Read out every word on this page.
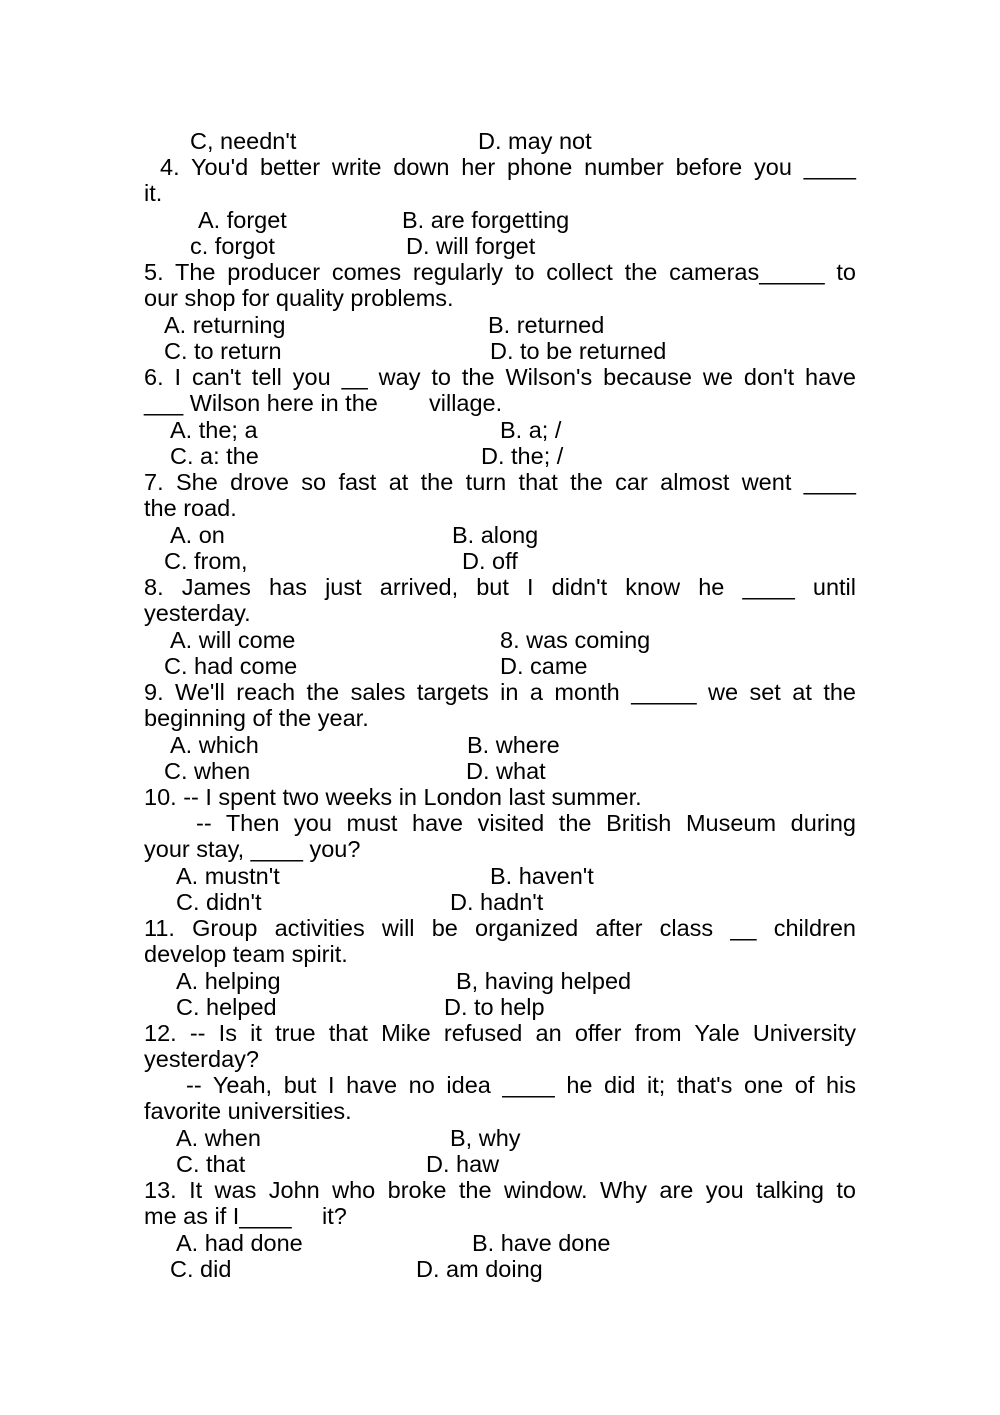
C, needn't	D. may not
4. You'd better write down her phone number before you ____
it.
A. forget	B. are forgetting
c. forgot	D. will forget
5. The producer comes regularly to collect the cameras_____ to
our shop for quality problems.
A. returning	B. returned
C. to return	D. to be returned
6. I can't tell you __ way to the Wilson's because we don't have
___ Wilson here in the village.
A. the; a	B. a; /
C. a: the	D. the; /
7. She drove so fast at the turn that the car almost went ____
the road.
A. on	B. along
C. from,	D. off
8. James has just arrived, but I didn't know he ____ until
yesterday.
A. will come	8. was coming
C. had come	D. came
9. We'll reach the sales targets in a month _____ we set at the
beginning of the year.
A. which	B. where
C. when	D. what
10. -- I spent two weeks in London last summer.
-- Then you must have visited the British Museum during
your stay, ____ you?
A. mustn't	B. haven't
C. didn't	D. hadn't
11. Group activities will be organized after class __ children
develop team spirit.
A. helping	B, having helped
C. helped	D. to help
12. -- Is it true that Mike refused an offer from Yale University
yesterday?
-- Yeah, but I have no idea ____ he did it; that's one of his
favorite universities.
A. when	B, why
C. that	D. haw
13. It was John who broke the window. Why are you talking to
me as if I____ it?
A. had done	B. have done
C. did	D. am doing
